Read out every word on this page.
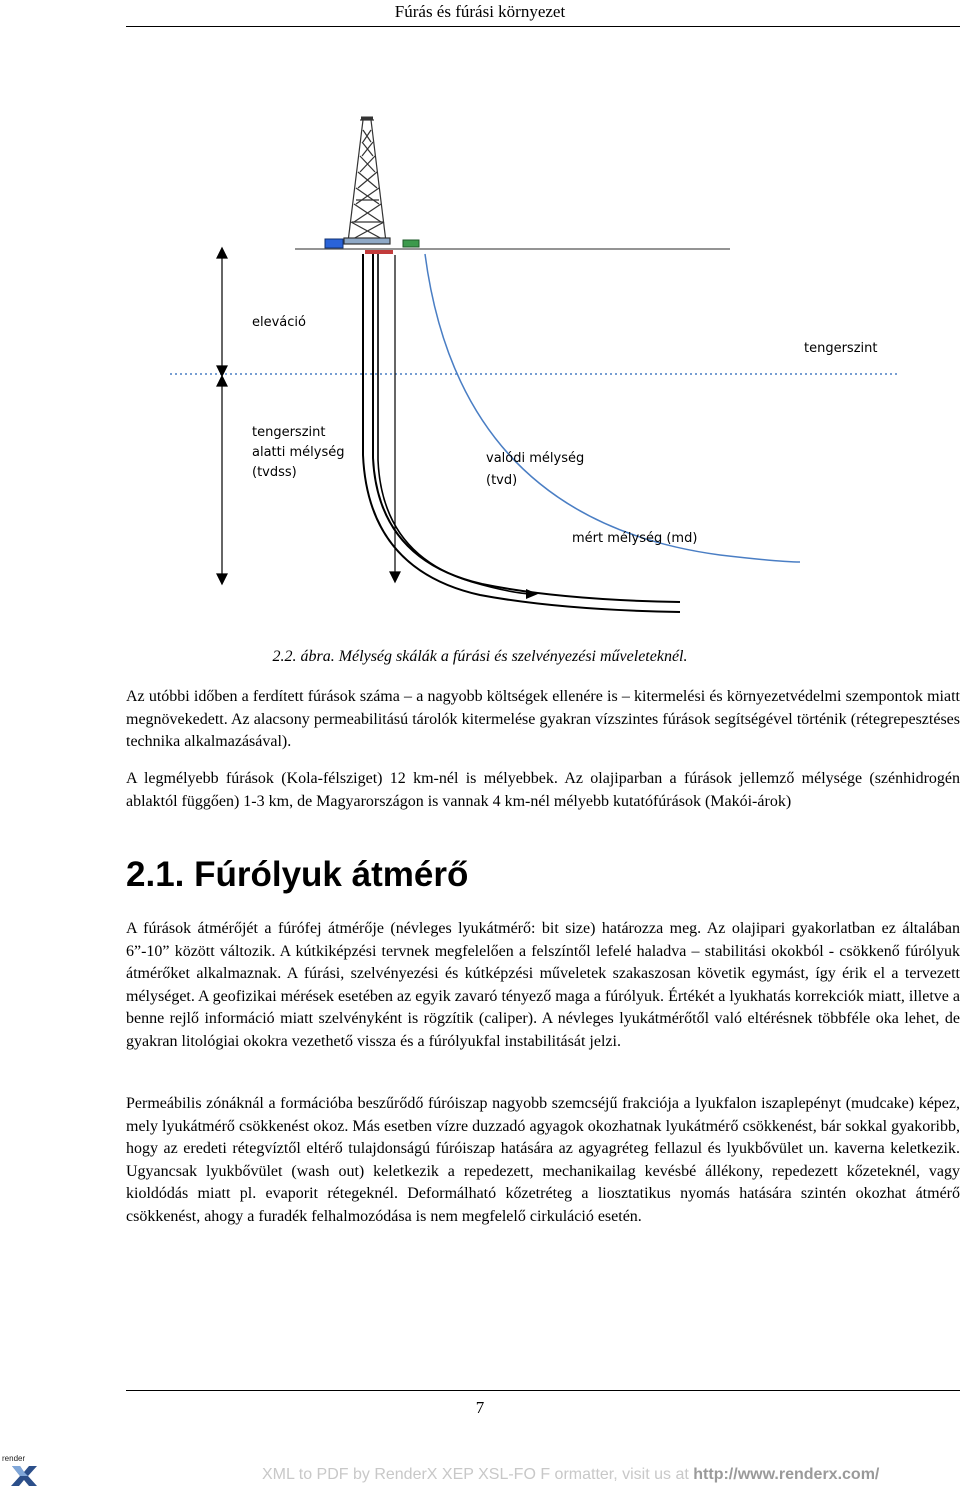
Fúrás és fúrási környezet
eleváció
tengerszint
tengerszint
alatti mélység
(tvdss)
valódi mélység
(tvd)
mért mélység (md)
2.2. ábra. Mélység skálák a fúrási és szelvényezési műveleteknél.
Az utóbbi időben a ferdített fúrások száma – a nagyobb költségek ellenére is – kitermelési és környezetvédelmi szempontok miatt megnövekedett. Az alacsony permeabilitású tárolók kitermelése gyakran vízszintes fúrások segítségével történik (rétegrepesztéses technika alkalmazásával).
A legmélyebb fúrások (Kola-félsziget) 12 km-nél is mélyebbek. Az olajiparban a fúrások jellemző mélysége (szénhidrogén ablaktól függően) 1-3 km, de Magyarországon is vannak 4 km-nél mélyebb kutatófúrások (Makói-árok)
2.1. Fúrólyuk átmérő
A fúrások átmérőjét a fúrófej átmérője (névleges lyukátmérő: bit size) határozza meg. Az olajipari gyakorlatban ez általában 6”-10” között változik. A kútkiképzési tervnek megfelelően a felszíntől lefelé haladva – stabilitási okokból - csökkenő fúrólyuk átmérőket alkalmaznak. A fúrási, szelvényezési és kútképzési műveletek szakaszosan követik egymást, így érik el a tervezett mélységet. A geofizikai mérések esetében az egyik zavaró tényező maga a fúrólyuk. Értékét a lyukhatás korrekciók miatt, illetve a benne rejlő információ miatt szelvényként is rögzítik (caliper). A névleges lyukátmérőtől való eltérésnek többféle oka lehet, de gyakran litológiai okokra vezethető vissza és a fúrólyukfal instabilitását jelzi.
Permeábilis zónáknál a formációba beszűrődő fúróiszap nagyobb szemcséjű frakciója a lyukfalon iszaplepényt (mudcake) képez, mely lyukátmérő csökkenést okoz. Más esetben vízre duzzadó agyagok okozhatnak lyukátmérő csökkenést, bár sokkal gyakoribb, hogy az eredeti rétegvíztől eltérő tulajdonságú fúróiszap hatására az agyagréteg fellazul és lyukbővület un. kaverna keletkezik. Ugyancsak lyukbővület (wash out) keletkezik a repedezett, mechanikailag kevésbé állékony, repedezett kőzeteknél, vagy kioldódás miatt pl. evaporit rétegeknél. Deformálható kőzetréteg a liosztatikus nyomás hatására szintén okozhat átmérő csökkenést, ahogy a furadék felhalmozódása is nem megfelelő cirkuláció esetén.
7
render
XML to PDF by RenderX XEP XSL-FO F ormatter, visit us at http://www.renderx.com/
